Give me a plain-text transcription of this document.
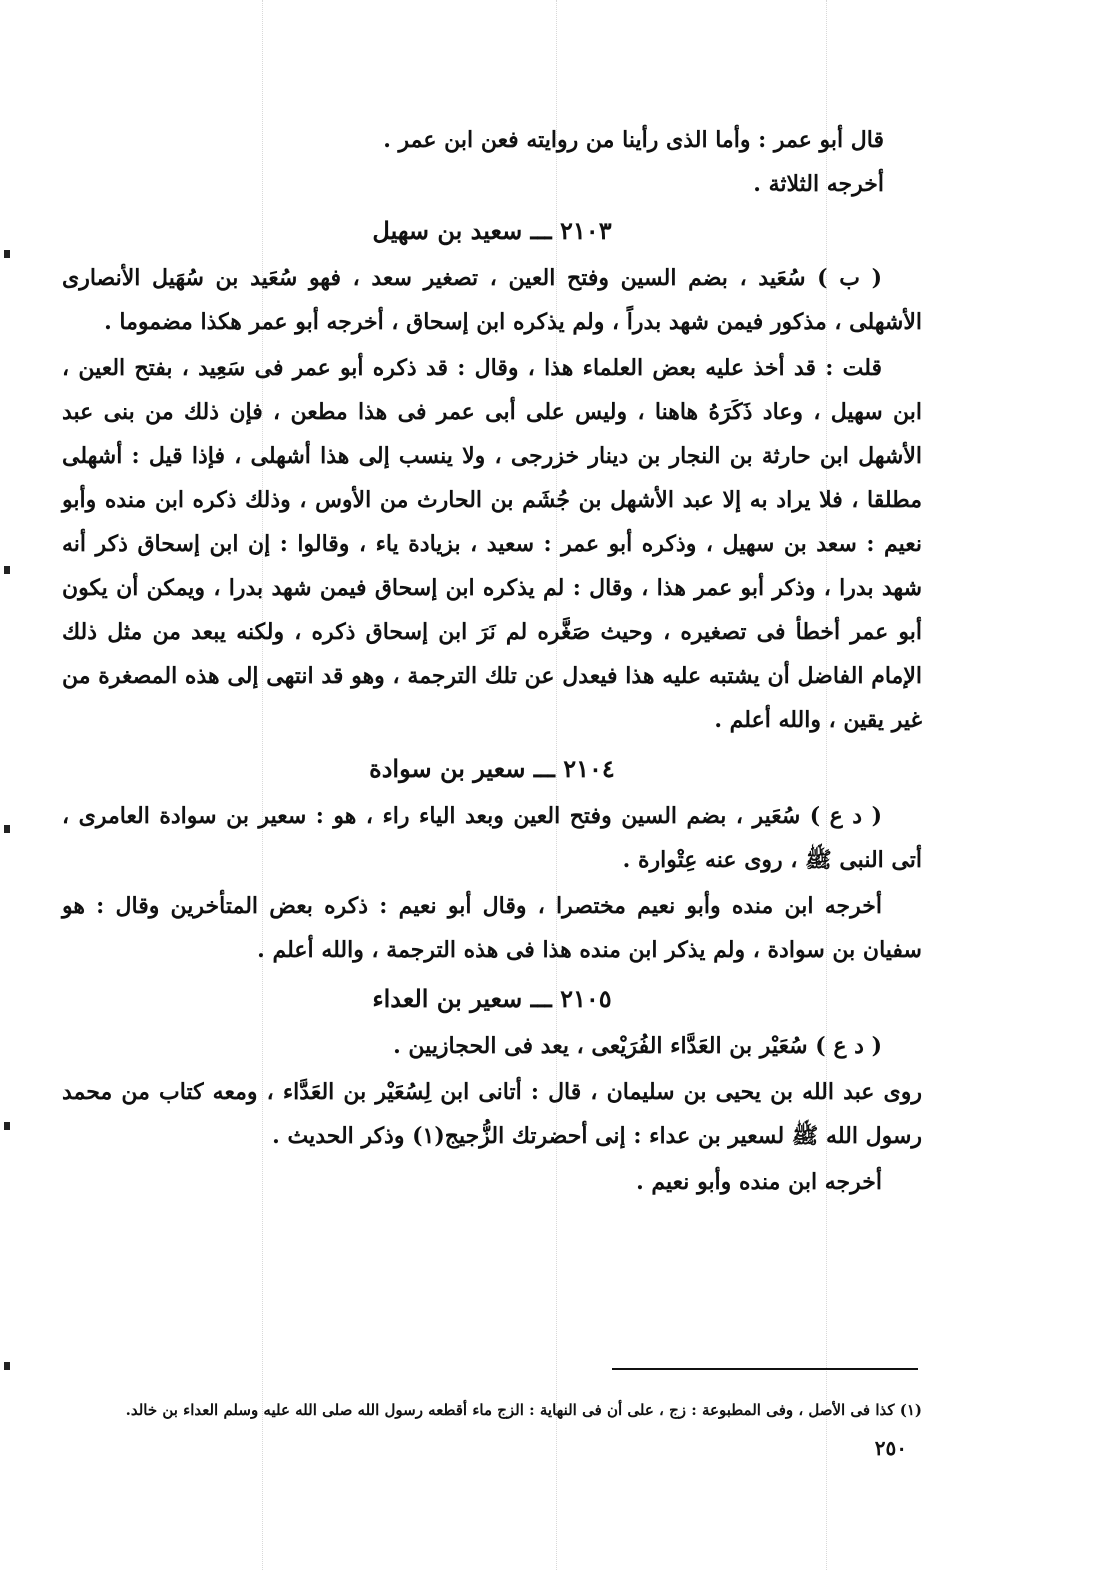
قال أبو عمر : وأما الذى رأينا من روايته فعن ابن عمر .

أخرجه الثلاثة .

٢١٠٣ ـــ سعيد بن سهيل

( ب ) سُعَيد ، بضم السين وفتح العين ، تصغير سعد ، فهو سُعَيد بن سُهَيل الأنصارى الأشهلى ، مذكور فيمن شهد بدراً ، ولم يذكره ابن إسحاق ، أخرجه أبو عمر هكذا مضموما .

قلت : قد أخذ عليه بعض العلماء هذا ، وقال : قد ذكره أبو عمر فى سَعِيد ، بفتح العين ، ابن سهيل ، وعاد ذَكَرَهُ هاهنا ، وليس على أبى عمر فى هذا مطعن ، فإن ذلك من بنى عبد الأشهل ابن حارثة بن النجار بن دينار خزرجى ، ولا ينسب إلى هذا أشهلى ، فإذا قيل : أشهلى مطلقا ، فلا يراد به إلا عبد الأشهل بن جُشَم بن الحارث من الأوس ، وذلك ذكره ابن منده وأبو نعيم : سعد بن سهيل ، وذكره أبو عمر : سعيد ، بزيادة ياء ، وقالوا : إن ابن إسحاق ذكر أنه شهد بدرا ، وذكر أبو عمر هذا ، وقال : لم يذكره ابن إسحاق فيمن شهد بدرا ، ويمكن أن يكون أبو عمر أخطأ فى تصغيره ، وحيث صَغَّره لم نَرَ ابن إسحاق ذكره ، ولكنه يبعد من مثل ذلك الإمام الفاضل أن يشتبه عليه هذا فيعدل عن تلك الترجمة ، وهو قد انتهى إلى هذه المصغرة من غير يقين ، والله أعلم .

٢١٠٤ ـــ سعير بن سوادة

( د ع ) سُعَير ، بضم السين وفتح العين وبعد الياء راء ، هو : سعير بن سوادة العامرى ، أتى النبى ﷺ ، روى عنه عِتْوارة .

أخرجه ابن منده وأبو نعيم مختصرا ، وقال أبو نعيم : ذكره بعض المتأخرين وقال : هو سفيان بن سوادة ، ولم يذكر ابن منده هذا فى هذه الترجمة ، والله أعلم .

٢١٠٥ ـــ سعير بن العداء

( د ع ) سُعَيْر بن العَدَّاء الفُرَيْعى ، يعد فى الحجازيين .

روى عبد الله بن يحيى بن سليمان ، قال : أتانى ابن لِسُعَيْر بن العَدَّاء ، ومعه كتاب من محمد رسول الله ﷺ لسعير بن عداء : إنى أحضرتك الزُّجيج(١) وذكر الحديث .

أخرجه ابن منده وأبو نعيم .

(١) كذا فى الأصل ، وفى المطبوعة : زج ، على أن فى النهاية : الزج ماء أقطعه رسول الله صلى الله عليه وسلم العداء بن خالد.

٢٥٠
